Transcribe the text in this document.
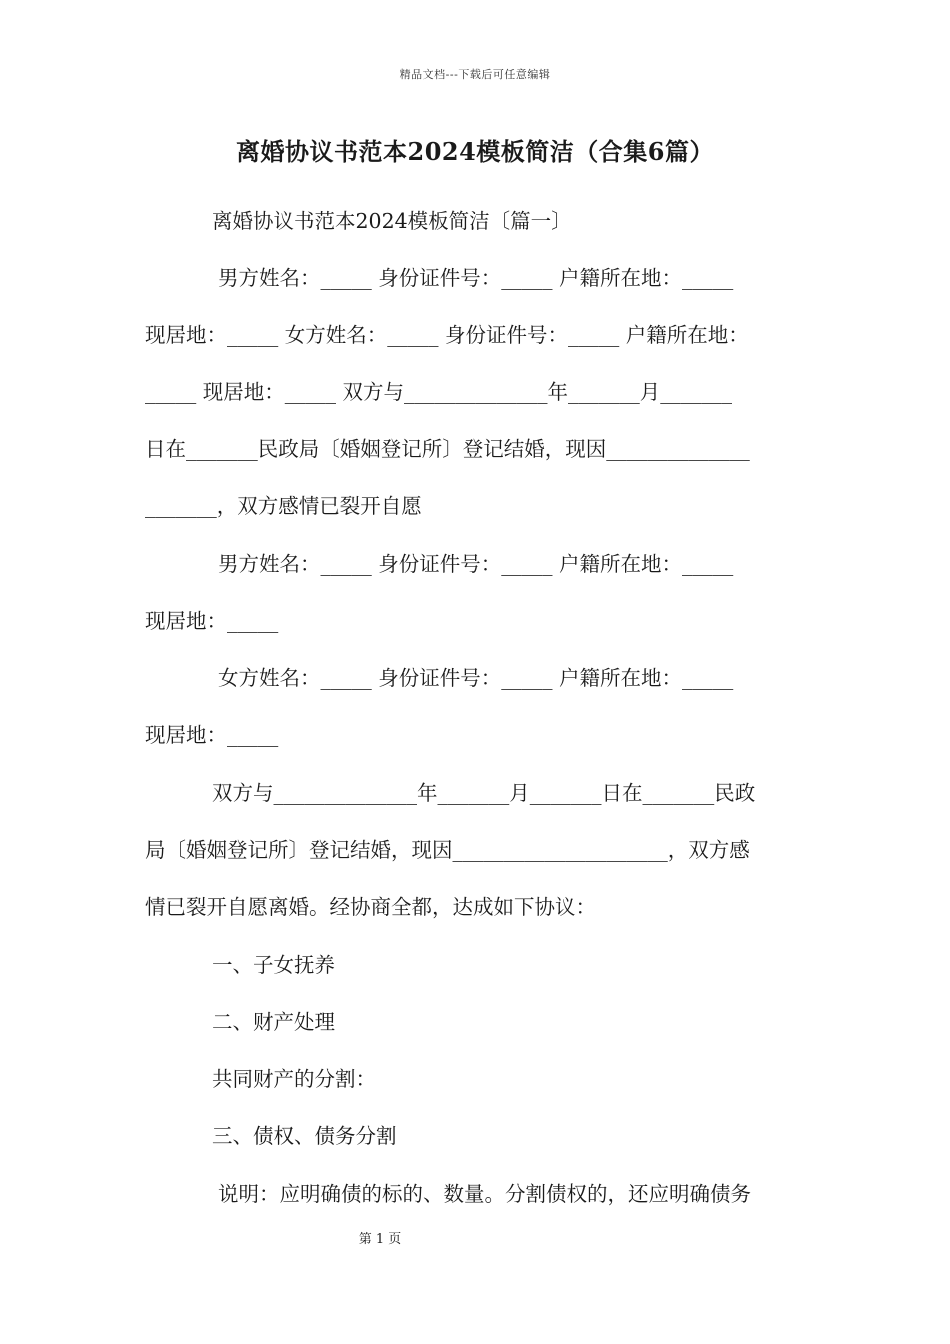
精品文档---下载后可任意编辑
离婚协议书范本2024模板简洁（合集6篇）
离婚协议书范本2024模板简洁〔篇一〕
男方姓名：_____ 身份证件号：_____ 户籍所在地：_____
现居地：_____ 女方姓名：_____ 身份证件号：_____ 户籍所在地：
_____ 现居地：_____ 双方与______________年_______月_______
日在_______民政局〔婚姻登记所〕登记结婚，现因______________
_______，双方感情已裂开自愿
男方姓名：_____ 身份证件号：_____ 户籍所在地：_____
现居地：_____
女方姓名：_____ 身份证件号：_____ 户籍所在地：_____
现居地：_____
双方与______________年_______月_______日在_______民政
局〔婚姻登记所〕登记结婚，现因_____________________，双方感
情已裂开自愿离婚。经协商全都，达成如下协议：
一、子女抚养
二、财产处理
共同财产的分割：
三、债权、债务分割
说明：应明确债的标的、数量。分割债权的，还应明确债务
第 1 页
